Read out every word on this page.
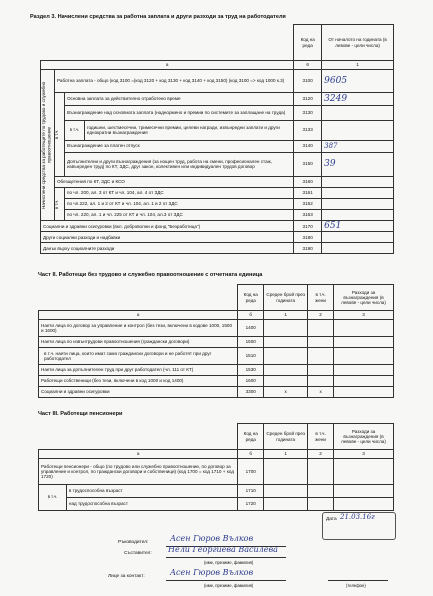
Раздел 3. Начислени средства за работна заплата и други разходи за труд на работодателя
				Код на реда	От началото на годината (в левове - цели числа)
а				6	1

Начислени средства за работещите по трудово и служебно правоотношение	Работна заплата - общо (код 3100 =(код 3120 + код 3130 + код 3140 + код 3150) (код 3100 => код 1000 к.3)			3100	9605

	в т.ч.	Основна заплата за действително отработено време		3120	3249
		Възнаграждение над основната заплата (наднормено и премии по системите за заплащане на труда)		3130	
		в т.ч.	годишни, шестмесечни, тримесечни премии, целеви награди, извънредни заплати и други еднократни възнаграждения	3133	
		Възнаграждение за платен отпуск		3140	387
		Допълнителни и други възнаграждения (за нощен труд, работа на смени, професионален стаж, извънреден труд) по КТ, ЗДС, друг закон, колективен или индивидуален трудов договор		3150	39
	Обезщетения по КТ, ЗДС и КСО			3160	

	в т.ч.	по чл. 200, ал. 3 от КТ и чл. 104, ал. 4 от ЗДС		3161	
		по чл.222, ал. 1 и 2 от КТ и чл. 104, ал. 1 и 2 от ЗДС		3162	
		по чл. 220, ал. 1 и чл. 225 от КТ и чл. 104, ал.3 от ЗДС		3163	
Социални и здравни осигуровки (вкл. доброволни и фонд "Безработица")				3170	651
Други социални разходи и надбавки				3180	
Данък върху социалните разходи				3190	
Част II. Работещи без трудово и служебно правоотношение с отчетната единица
	Код на реда	Среден брой през годината	в т.ч. жени	Разходи за възнаграждения (в левове - цели числа)
а	б	1	2	3
Наети лица по договор за управление и контрол (без тези, включени в кодове 1000, 1500 и 1600)	1400			
Наети лица по извънтрудови правоотношения (граждански договори)	1500			
в т.ч. наети лица, които имат само граждански договори и не работят при друг работодател	1510			
Наети лица за допълнителен труд при друг работодател (чл. 111 от КТ)	1530			
Работещи собственици (без тези, включени в код 1000 и код 1400)	1600			
Социални и здравни осигуровки	3300	x	x	
Част III. Работещи пенсионери
		Код на реда	Среден брой през годината	в т.ч. жени	Разходи за възнаграждения (в левове - цели числа)
а		б	1	2	3
Работещи пенсионери - общо (по трудово или служебно правоотношение, по договор за управление и контрол, по граждански договори и собственици) (код 1700 = код 1710 + код 1720)		1700			
в т.ч.	в трудоспособна възраст	1710			
	над трудоспособна възраст	1720			
Ръководител:	Асен Гюров Вълков
Съставител: Нели Георгиева Василева
(име, презиме, фамилия)
Лице за контакт:	Асен Гюров Вълков
(име, презиме, фамилия)
Дата 21.03.16г
(телефон)
